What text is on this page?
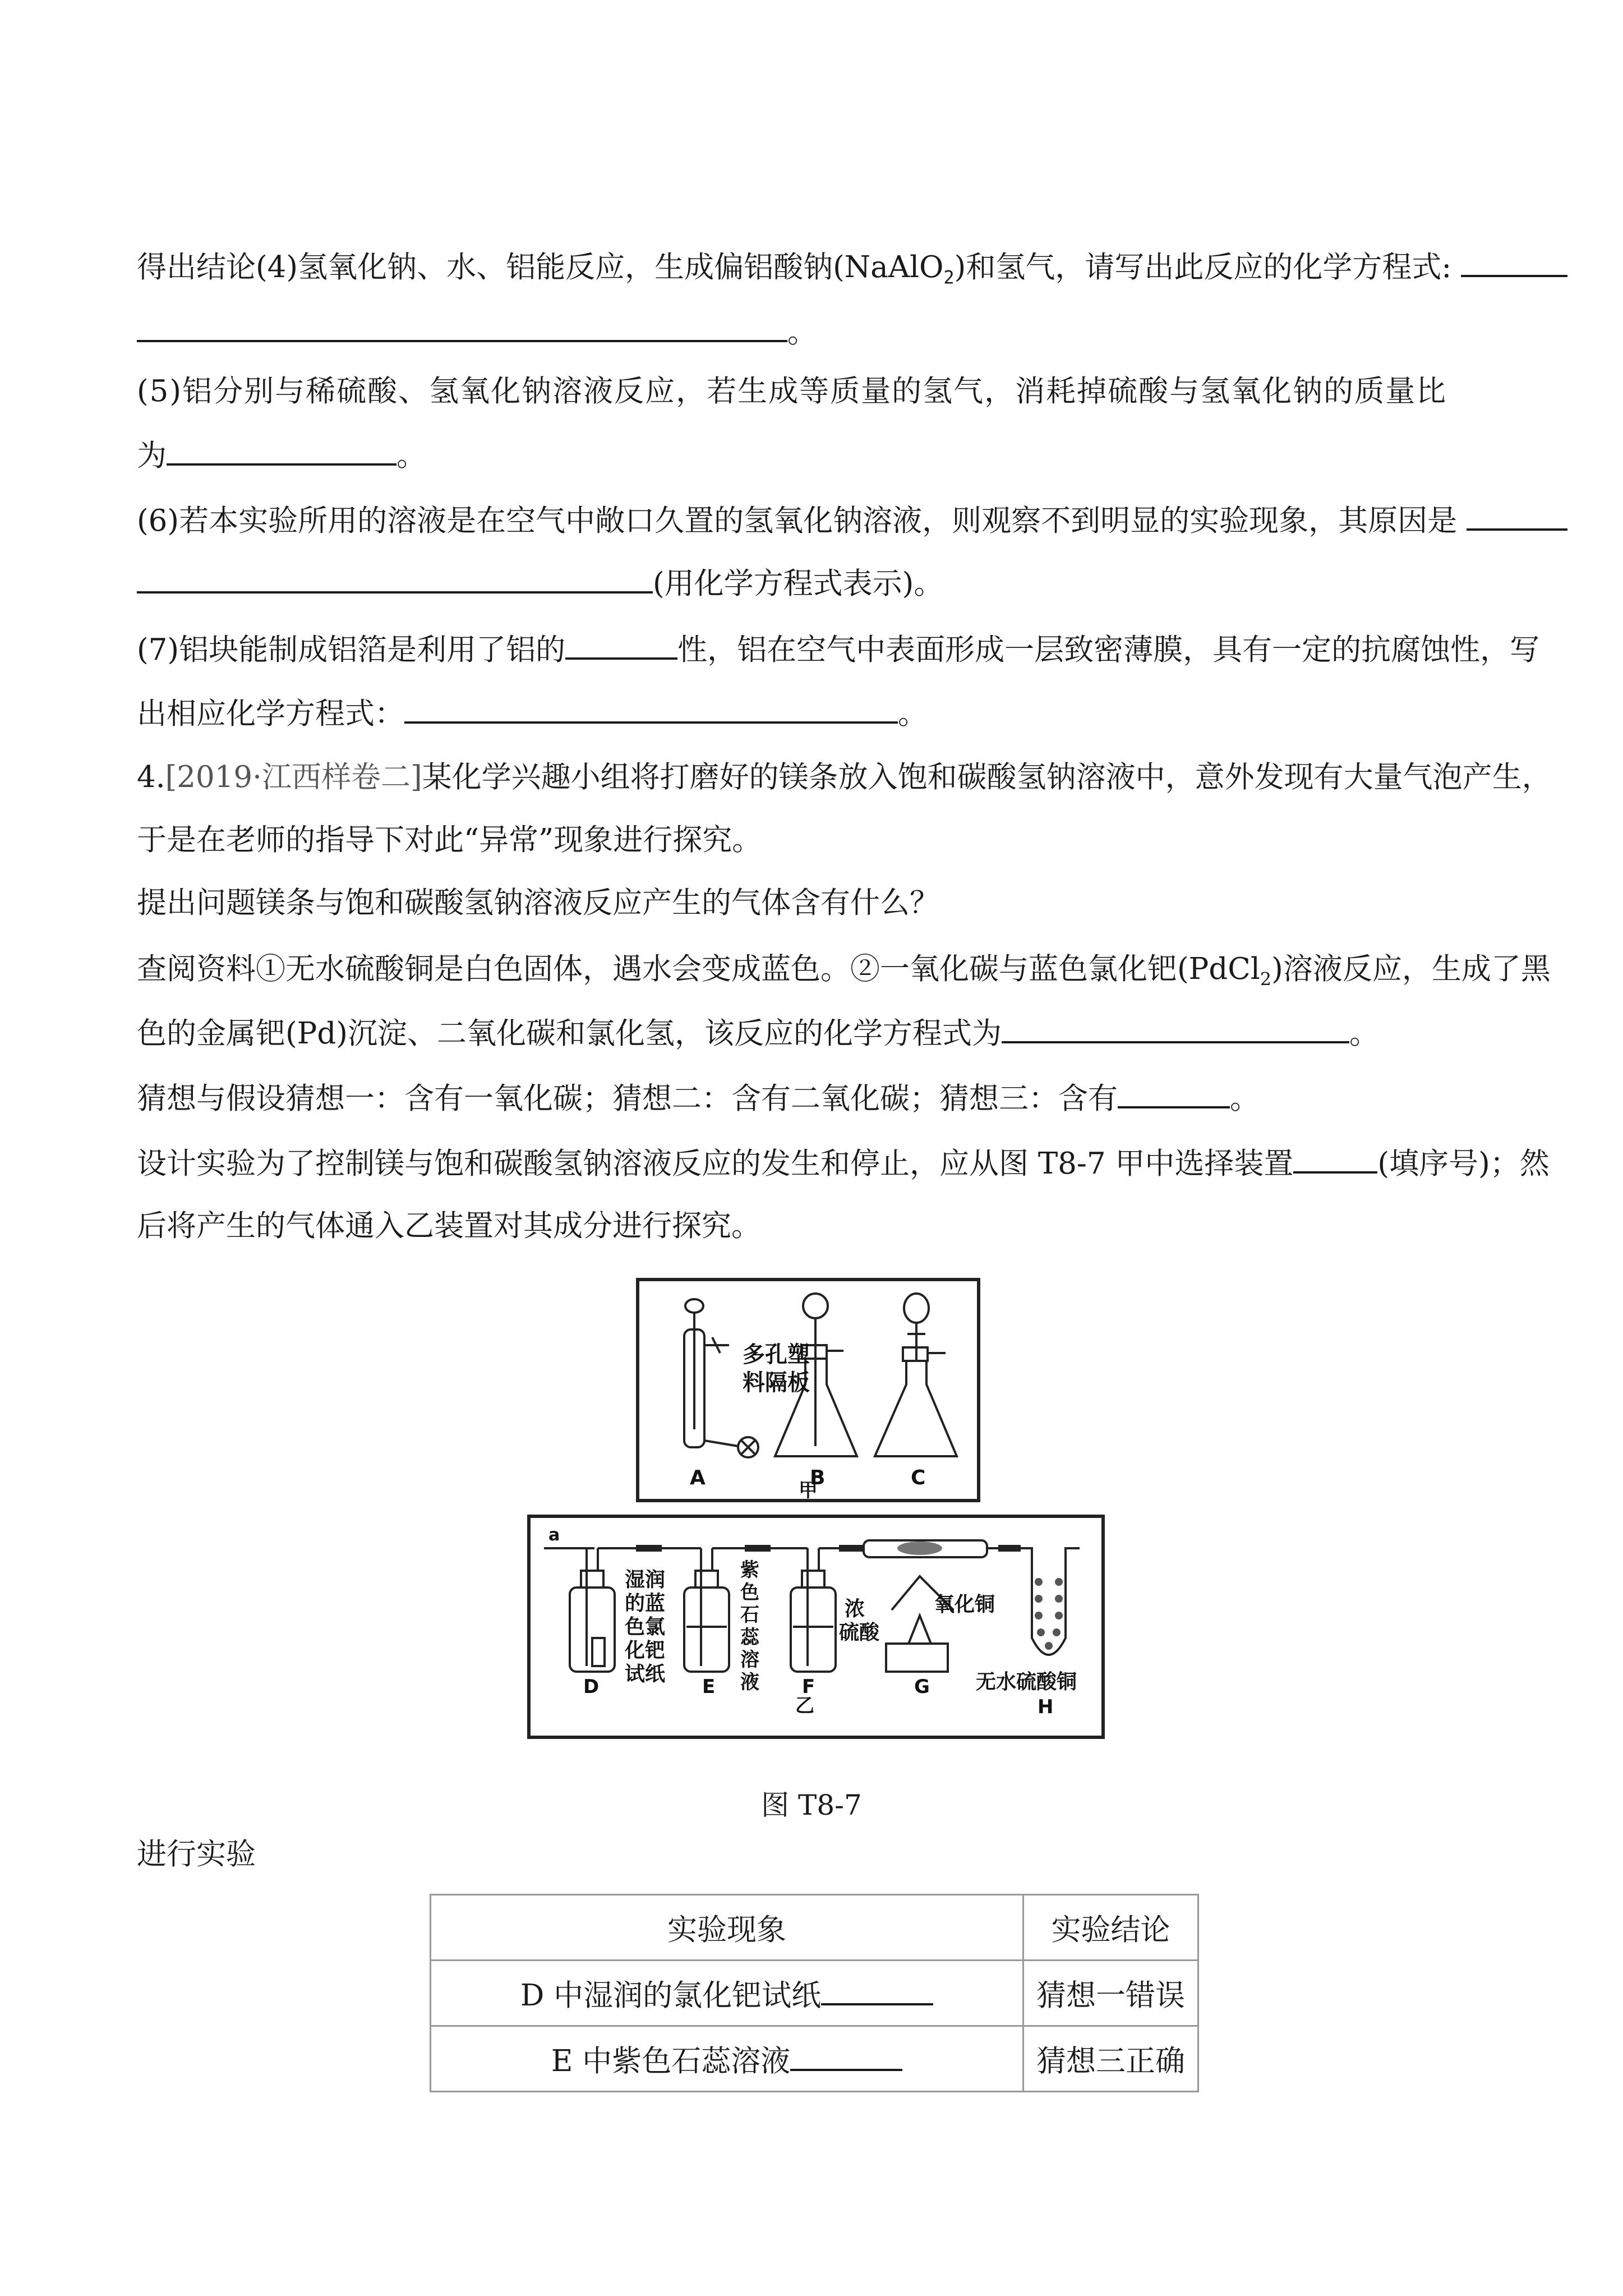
得出结论(4)氢氧化钠、水、铝能反应，生成偏铝酸钠(NaAlO$_2$)和氢气，请写出此反应的化学方程式:
。
(5)铝分别与稀硫酸、氢氧化钠溶液反应，若生成等质量的氢气，消耗掉硫酸与氢氧化钠的质量比
为	。
(6)若本实验所用的溶液是在空气中敞口久置的氢氧化钠溶液，则观察不到明显的实验现象，其原因是
(用化学方程式表示)。
(7)铝块能制成铝箔是利用了铝的	性，铝在空气中表面形成一层致密薄膜，具有一定的抗腐蚀性，写
出相应化学方程式：	。
4.[2019·江西样卷二]某化学兴趣小组将打磨好的镁条放入饱和碳酸氢钠溶液中，意外发现有大量气泡产生，
于是在老师的指导下对此“异常”现象进行探究。
提出问题镁条与饱和碳酸氢钠溶液反应产生的气体含有什么？
查阅资料①无水硫酸铜是白色固体，遇水会变成蓝色。②一氧化碳与蓝色氯化钯(PdCl$_2$)溶液反应，生成了黑
色的金属钯(Pd)沉淀、二氧化碳和氯化氢，该反应的化学方程式为	。
猜想与假设猜想一：含有一氧化碳；猜想二：含有二氧化碳；猜想三：含有	。
设计实验为了控制镁与饱和碳酸氢钠溶液反应的发生和停止，应从图 T8-7 甲中选择装置	(填序号)；然
后将产生的气体通入乙装置对其成分进行探究。
多孔塑
料隔板
A	B	C
甲
a
湿润
的蓝
色氯
化钯
试纸
紫
色
石
蕊
溶
液
浓
硫酸
氧化铜
无水硫酸铜
D	E	F	G
H
乙
图 T8-7
进行实验
实验现象	实验结论
D 中湿润的氯化钯试纸	猜想一错误
E 中紫色石蕊溶液	猜想三正确
